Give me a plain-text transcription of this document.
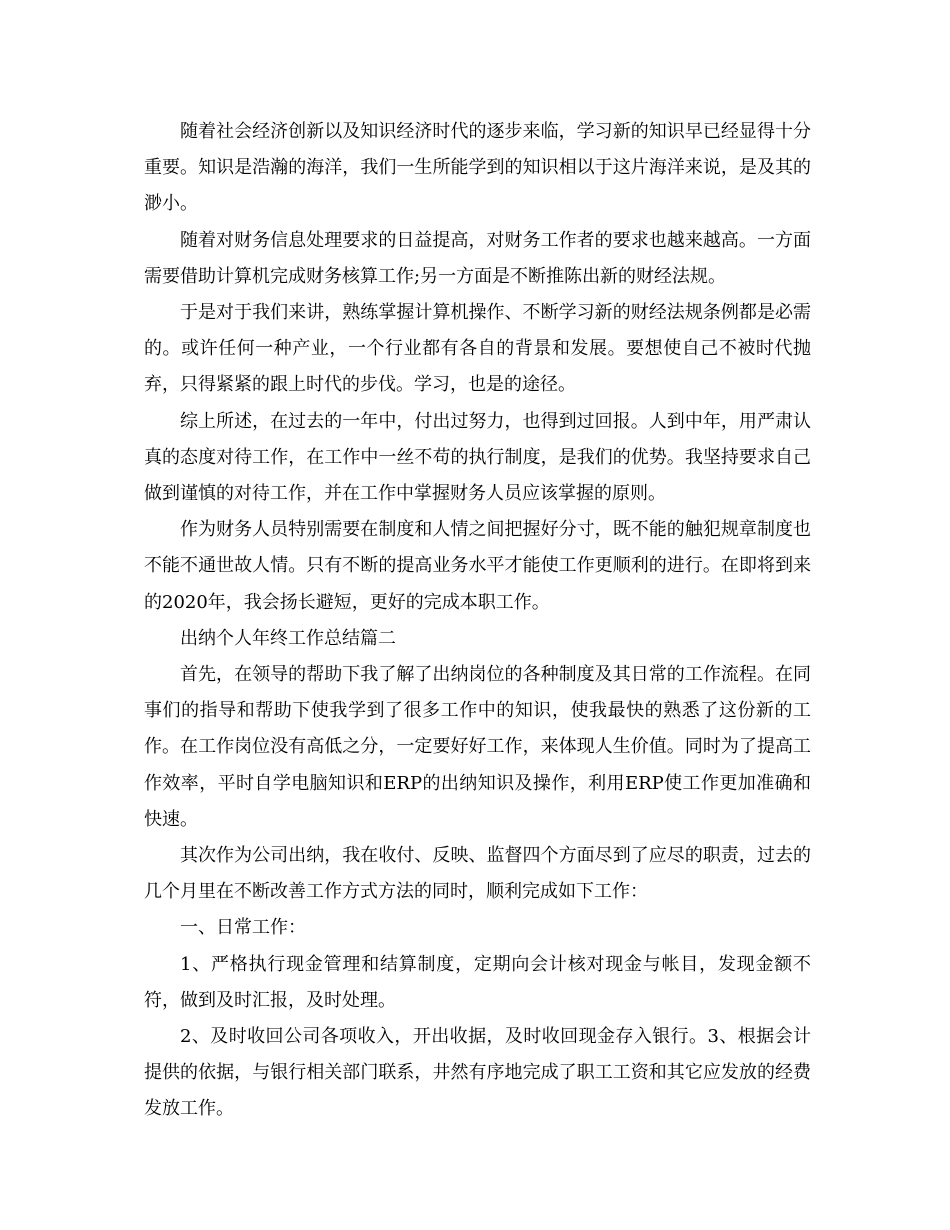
随着社会经济创新以及知识经济时代的逐步来临，学习新的知识早已经显得十分重要。知识是浩瀚的海洋，我们一生所能学到的知识相以于这片海洋来说，是及其的渺小。

随着对财务信息处理要求的日益提高，对财务工作者的要求也越来越高。一方面需要借助计算机完成财务核算工作;另一方面是不断推陈出新的财经法规。

于是对于我们来讲，熟练掌握计算机操作、不断学习新的财经法规条例都是必需的。或许任何一种产业，一个行业都有各自的背景和发展。要想使自己不被时代抛弃，只得紧紧的跟上时代的步伐。学习，也是的途径。

综上所述，在过去的一年中，付出过努力，也得到过回报。人到中年，用严肃认真的态度对待工作，在工作中一丝不苟的执行制度，是我们的优势。我坚持要求自己做到谨慎的对待工作，并在工作中掌握财务人员应该掌握的原则。

作为财务人员特别需要在制度和人情之间把握好分寸，既不能的触犯规章制度也不能不通世故人情。只有不断的提高业务水平才能使工作更顺利的进行。在即将到来的2020年，我会扬长避短，更好的完成本职工作。

出纳个人年终工作总结篇二

首先，在领导的帮助下我了解了出纳岗位的各种制度及其日常的工作流程。在同事们的指导和帮助下使我学到了很多工作中的知识，使我最快的熟悉了这份新的工作。在工作岗位没有高低之分，一定要好好工作，来体现人生价值。同时为了提高工作效率，平时自学电脑知识和ERP的出纳知识及操作，利用ERP使工作更加准确和快速。

其次作为公司出纳，我在收付、反映、监督四个方面尽到了应尽的职责，过去的几个月里在不断改善工作方式方法的同时，顺利完成如下工作：

一、日常工作：

1、严格执行现金管理和结算制度，定期向会计核对现金与帐目，发现金额不符，做到及时汇报，及时处理。

2、及时收回公司各项收入，开出收据，及时收回现金存入银行。3、根据会计提供的依据，与银行相关部门联系，井然有序地完成了职工工资和其它应发放的经费发放工作。
